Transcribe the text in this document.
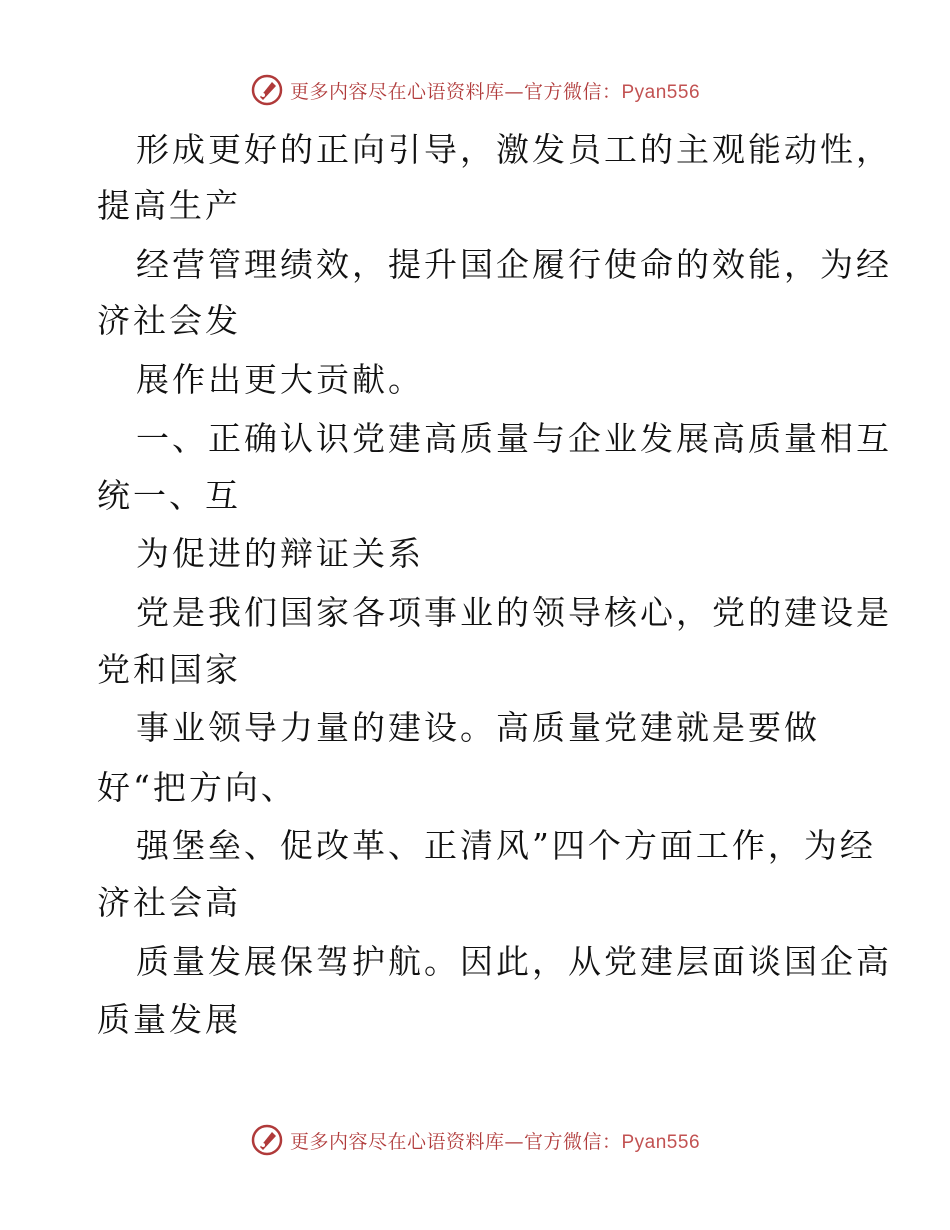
更多内容尽在心语资料库—官方微信：Pyan556
形成更好的正向引导，激发员工的主观能动性，
提高生产
经营管理绩效，提升国企履行使命的效能，为经
济社会发
展作出更大贡献。
一、正确认识党建高质量与企业发展高质量相互
统一、互
为促进的辩证关系
党是我们国家各项事业的领导核心，党的建设是
党和国家
事业领导力量的建设。高质量党建就是要做
好“把方向、
强堡垒、促改革、正清风”四个方面工作，为经
济社会高
质量发展保驾护航。因此，从党建层面谈国企高
质量发展
更多内容尽在心语资料库—官方微信：Pyan556
